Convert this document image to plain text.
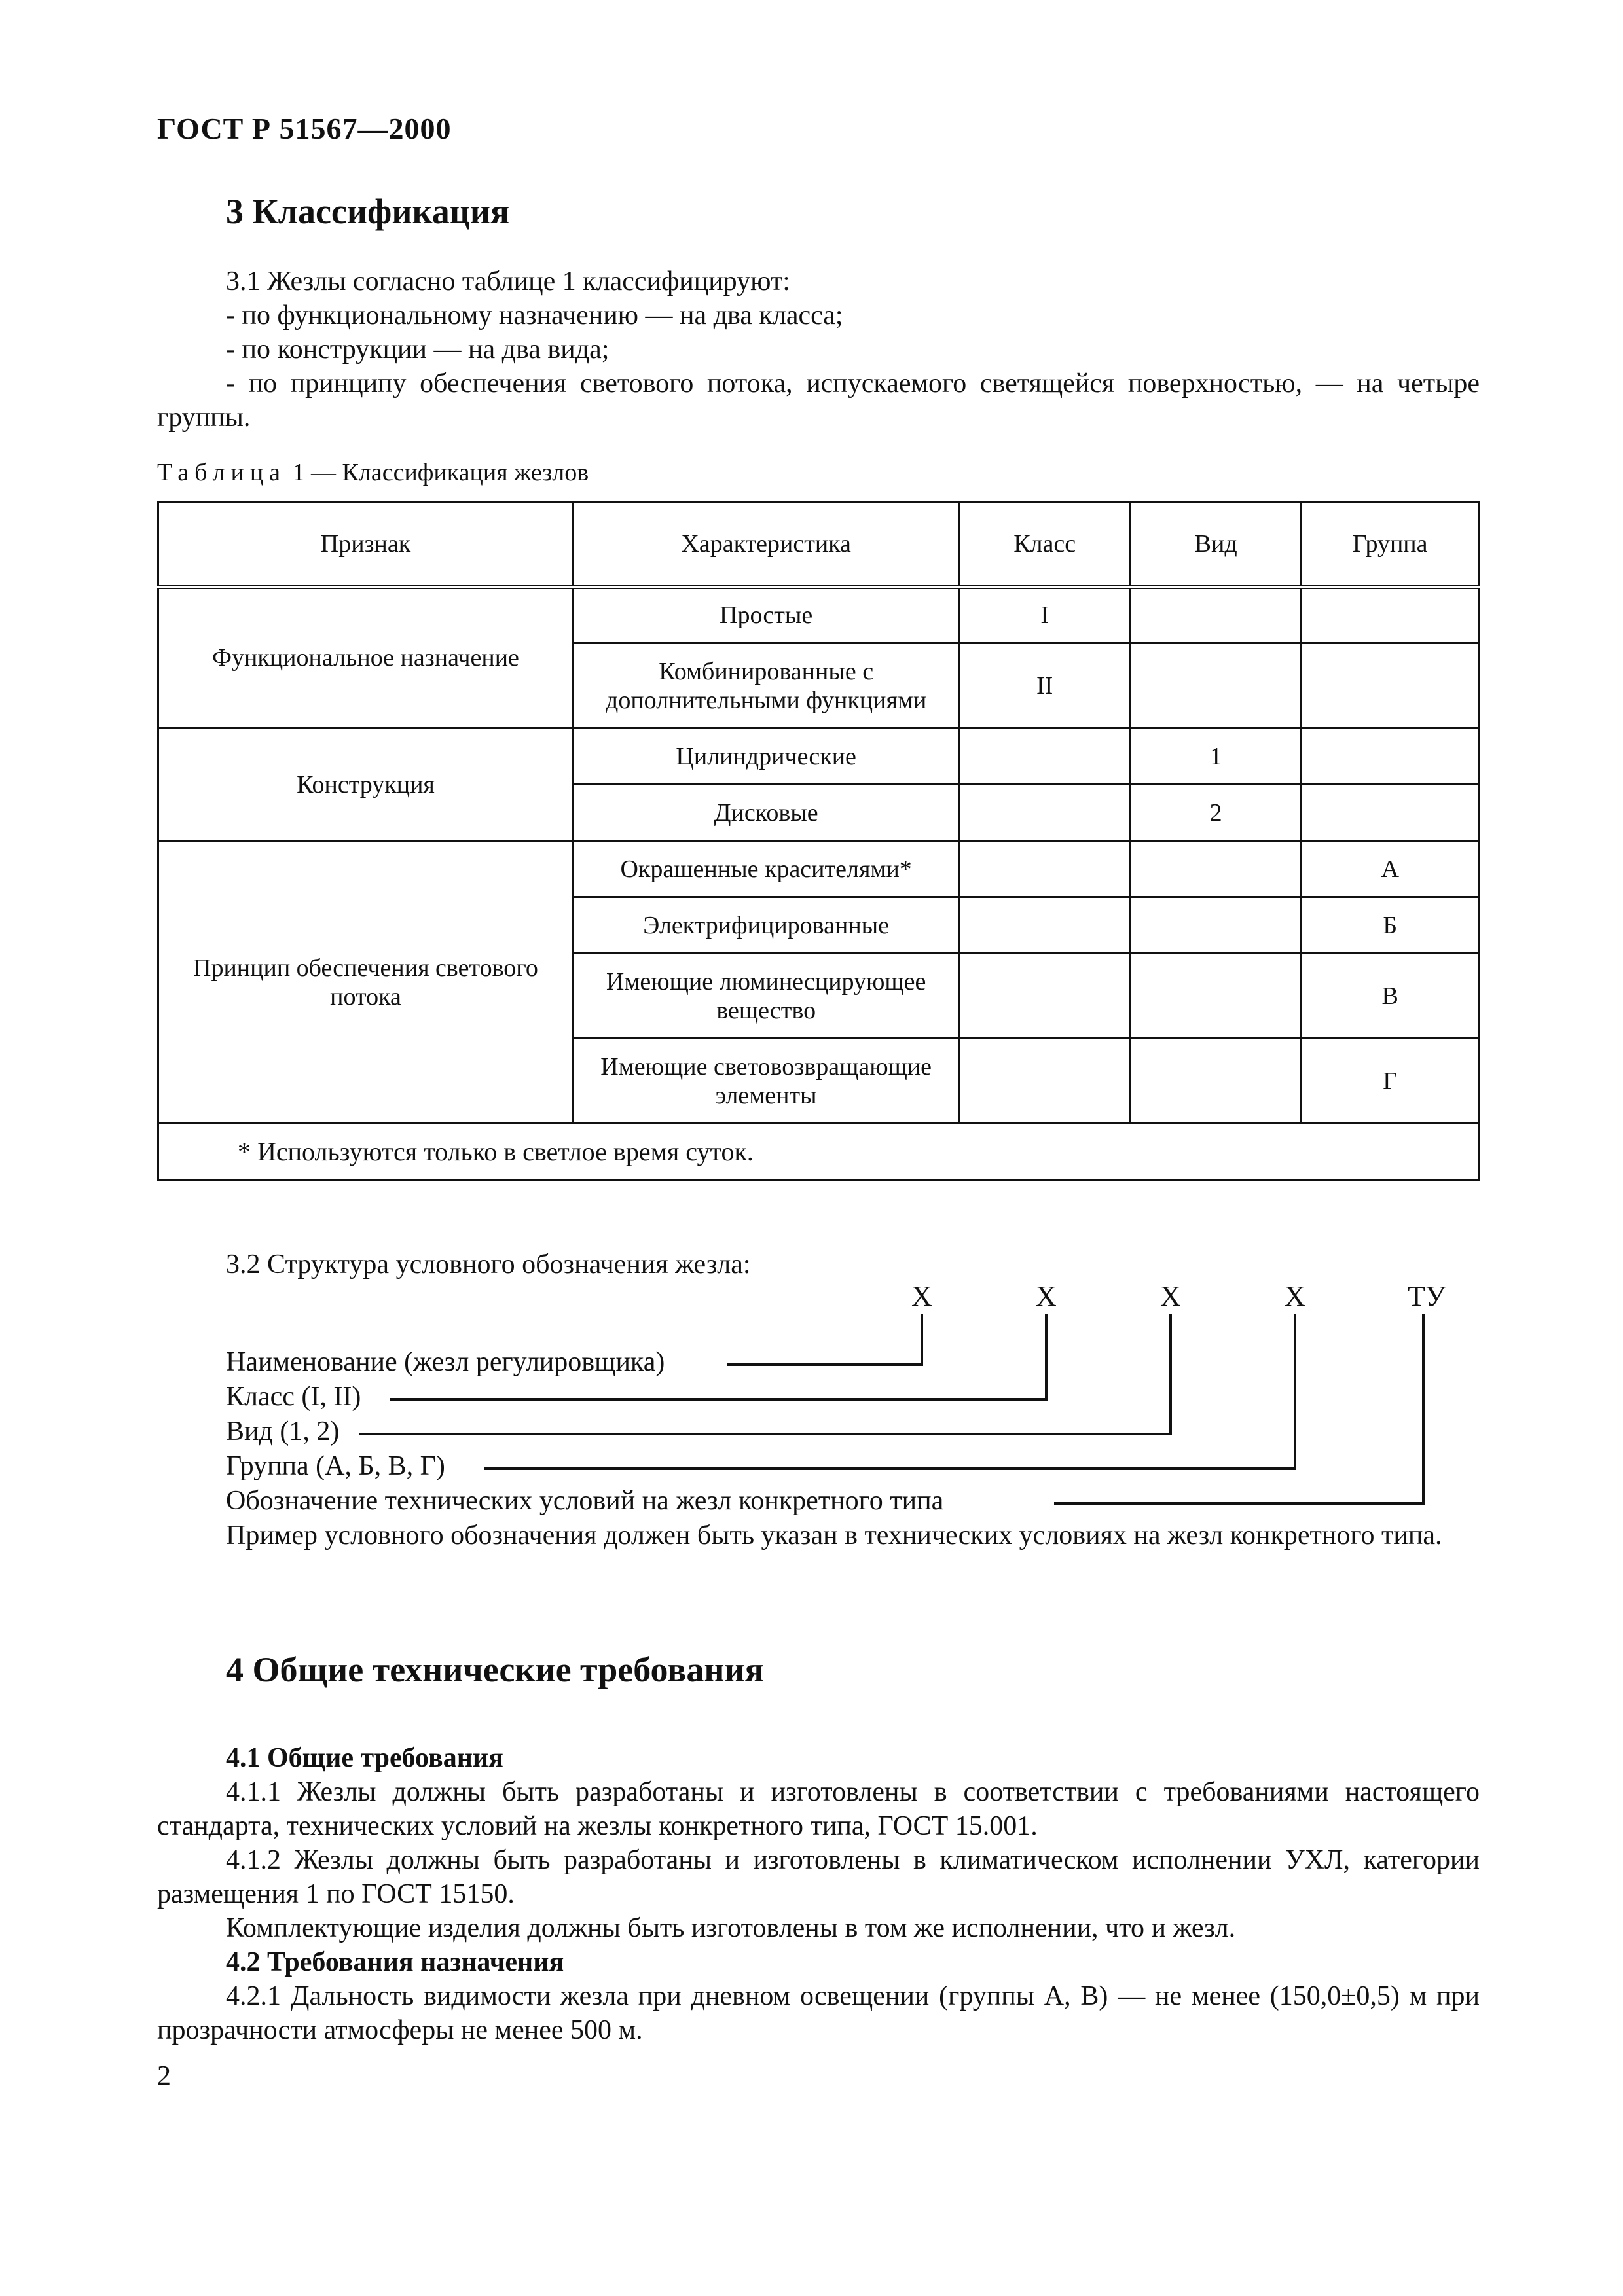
ГОСТ Р 51567—2000
3 Классификация
3.1 Жезлы согласно таблице 1 классифицируют:
- по функциональному назначению — на два класса;
- по конструкции — на два вида;
- по принципу обеспечения светового потока, испускаемого светящейся поверхностью, — на четыре группы.
Таблица 1 — Классификация жезлов
Признак	Характеристика	Класс	Вид	Группа
Функциональное назначение	Простые	I		
	Комбинированные с дополнительными функциями	II		
Конструкция	Цилиндрические		1	
	Дисковые		2	
Принцип обеспечения светового потока	Окрашенные красителями*			А
	Электрифицированные			Б
	Имеющие люминесцирующее вещество			В
	Имеющие световозвращающие элементы			Г
* Используются только в светлое время суток.				
3.2 Структура условного обозначения жезла:
Х	Х	Х	Х	ТУ
Наименование (жезл регулировщика)
Класс (I, II)
Вид (1, 2)
Группа (А, Б, В, Г)
Обозначение технических условий на жезл конкретного типа
Пример условного обозначения должен быть указан в технических условиях на жезл конкретного типа.
4 Общие технические требования
4.1 Общие требования
4.1.1 Жезлы должны быть разработаны и изготовлены в соответствии с требованиями настоящего стандарта, технических условий на жезлы конкретного типа, ГОСТ 15.001.
4.1.2 Жезлы должны быть разработаны и изготовлены в климатическом исполнении УХЛ, категории размещения 1 по ГОСТ 15150.
Комплектующие изделия должны быть изготовлены в том же исполнении, что и жезл.
4.2 Требования назначения
4.2.1 Дальность видимости жезла при дневном освещении (группы А, В) — не менее (150,0±0,5) м при прозрачности атмосферы не менее 500 м.
2
